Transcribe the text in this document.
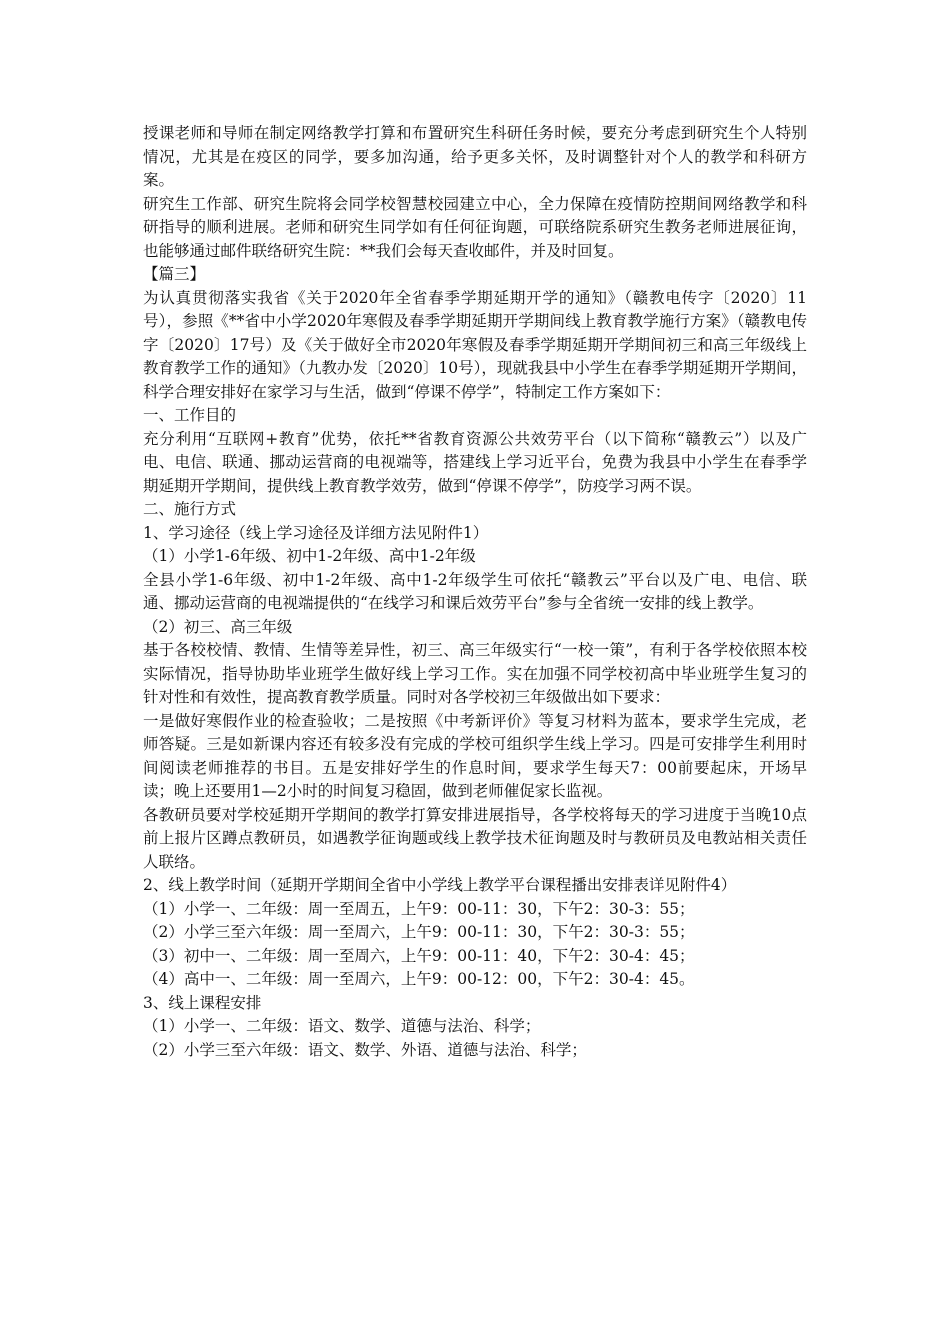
授课老师和导师在制定网络教学打算和布置研究生科研任务时候，要充分考虑到研究生个人特别情况，尤其是在疫区的同学，要多加沟通，给予更多关怀，及时调整针对个人的教学和科研方案。

研究生工作部、研究生院将会同学校智慧校园建立中心，全力保障在疫情防控期间网络教学和科研指导的顺利进展。老师和研究生同学如有任何征询题，可联络院系研究生教务老师进展征询，也能够通过邮件联络研究生院：**我们会每天查收邮件，并及时回复。

【篇三】

为认真贯彻落实我省《关于2020年全省春季学期延期开学的通知》（赣教电传字〔2020〕11号），参照《**省中小学2020年寒假及春季学期延期开学期间线上教育教学施行方案》（赣教电传字〔2020〕17号）及《关于做好全市2020年寒假及春季学期延期开学期间初三和高三年级线上教育教学工作的通知》（九教办发〔2020〕10号），现就我县中小学生在春季学期延期开学期间，科学合理安排好在家学习与生活，做到“停课不停学”，特制定工作方案如下：

一、工作目的

充分利用“互联网+教育”优势，依托**省教育资源公共效劳平台（以下简称“赣教云”）以及广电、电信、联通、挪动运营商的电视端等，搭建线上学习近平台，免费为我县中小学生在春季学期延期开学期间，提供线上教育教学效劳，做到“停课不停学”，防疫学习两不误。

二、施行方式

1、学习途径（线上学习途径及详细方法见附件1）

（1）小学1-6年级、初中1-2年级、高中1-2年级

全县小学1-6年级、初中1-2年级、高中1-2年级学生可依托“赣教云”平台以及广电、电信、联通、挪动运营商的电视端提供的“在线学习和课后效劳平台”参与全省统一安排的线上教学。

（2）初三、高三年级

基于各校校情、教情、生情等差异性，初三、高三年级实行“一校一策”，有利于各学校依照本校实际情况，指导协助毕业班学生做好线上学习工作。实在加强不同学校初高中毕业班学生复习的针对性和有效性，提高教育教学质量。同时对各学校初三年级做出如下要求：

一是做好寒假作业的检查验收；二是按照《中考新评价》等复习材料为蓝本，要求学生完成，老师答疑。三是如新课内容还有较多没有完成的学校可组织学生线上学习。四是可安排学生利用时间阅读老师推荐的书目。五是安排好学生的作息时间，要求学生每天7：00前要起床，开场早读；晚上还要用1—2小时的时间复习稳固，做到老师催促家长监视。

各教研员要对学校延期开学期间的教学打算安排进展指导，各学校将每天的学习进度于当晚10点前上报片区蹲点教研员，如遇教学征询题或线上教学技术征询题及时与教研员及电教站相关责任人联络。

2、线上教学时间（延期开学期间全省中小学线上教学平台课程播出安排表详见附件4）

（1）小学一、二年级：周一至周五，上午9：00-11：30，下午2：30-3：55；

（2）小学三至六年级：周一至周六，上午9：00-11：30，下午2：30-3：55；

（3）初中一、二年级：周一至周六，上午9：00-11：40，下午2：30-4：45；

（4）高中一、二年级：周一至周六，上午9：00-12：00，下午2：30-4：45。

3、线上课程安排

（1）小学一、二年级：语文、数学、道德与法治、科学；

（2）小学三至六年级：语文、数学、外语、道德与法治、科学；
